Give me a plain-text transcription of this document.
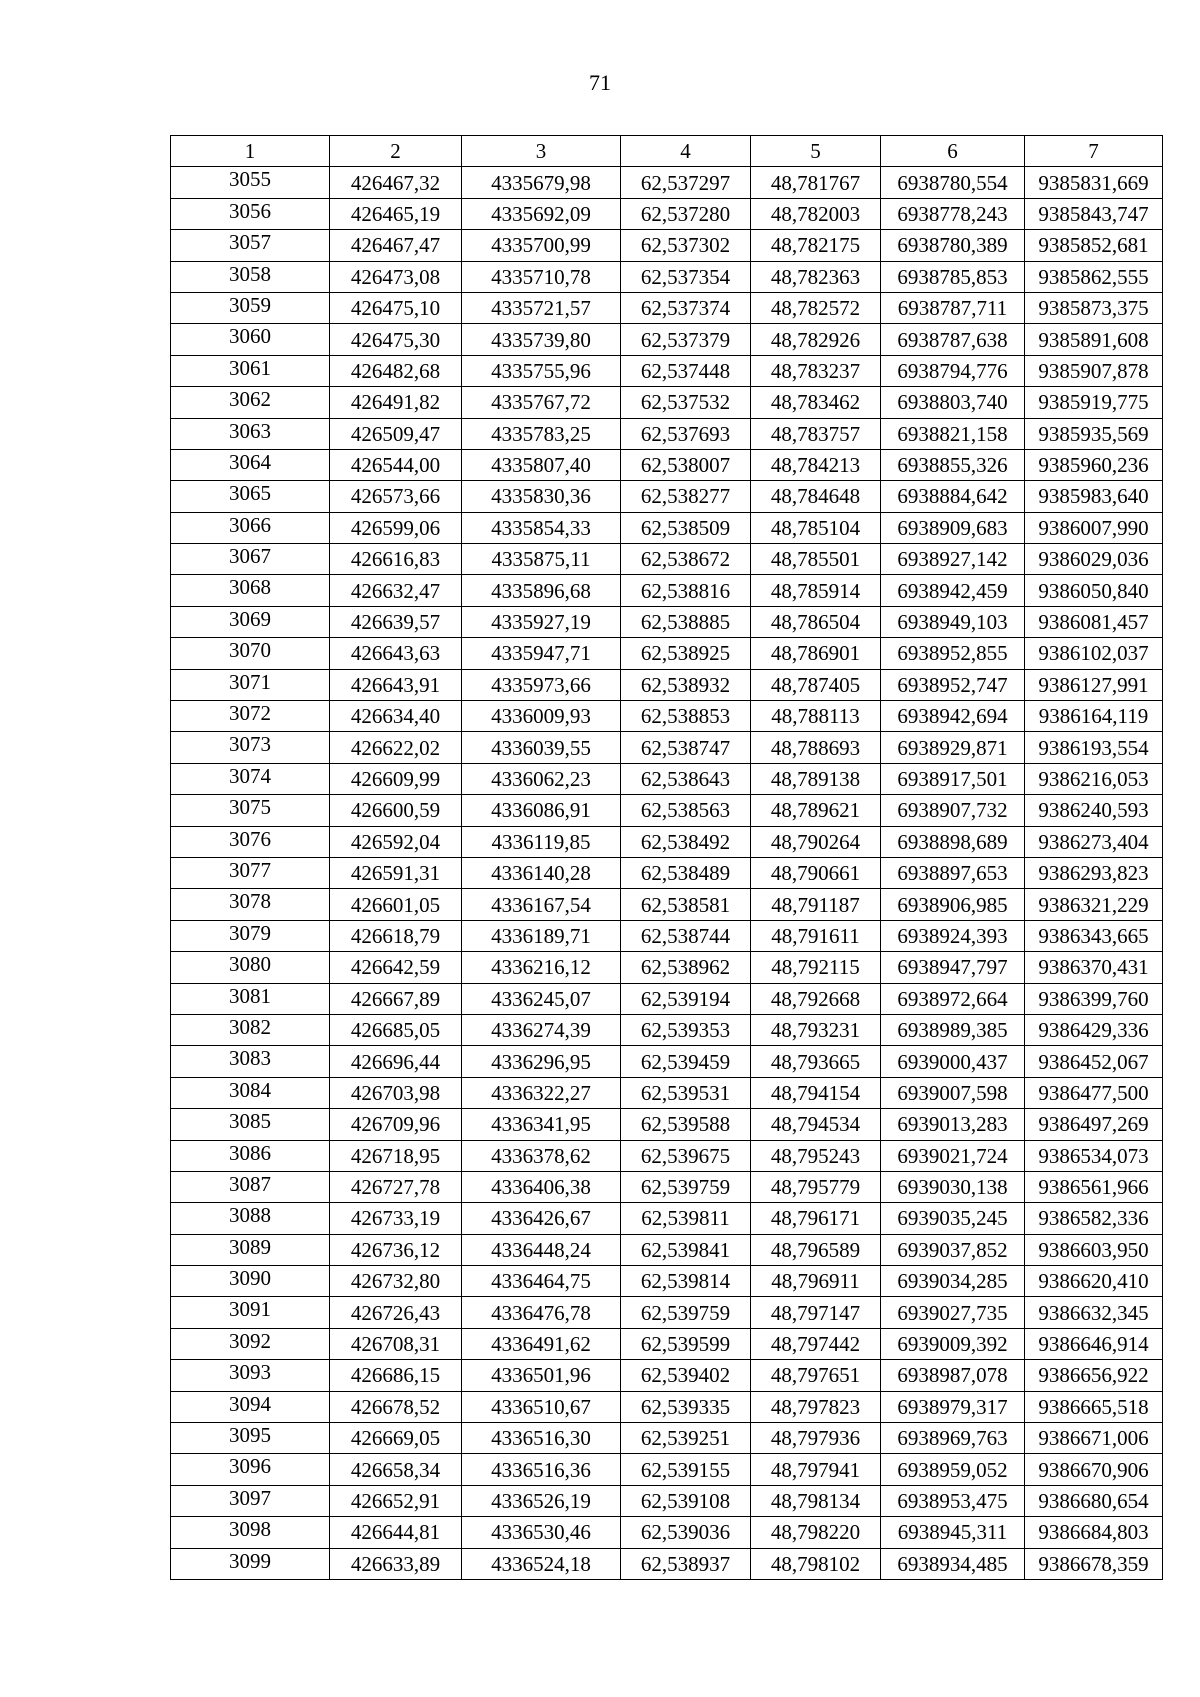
71
1	2	3	4	5	6	7
3055	426467,32	4335679,98	62,537297	48,781767	6938780,554	9385831,669
3056	426465,19	4335692,09	62,537280	48,782003	6938778,243	9385843,747
3057	426467,47	4335700,99	62,537302	48,782175	6938780,389	9385852,681
3058	426473,08	4335710,78	62,537354	48,782363	6938785,853	9385862,555
3059	426475,10	4335721,57	62,537374	48,782572	6938787,711	9385873,375
3060	426475,30	4335739,80	62,537379	48,782926	6938787,638	9385891,608
3061	426482,68	4335755,96	62,537448	48,783237	6938794,776	9385907,878
3062	426491,82	4335767,72	62,537532	48,783462	6938803,740	9385919,775
3063	426509,47	4335783,25	62,537693	48,783757	6938821,158	9385935,569
3064	426544,00	4335807,40	62,538007	48,784213	6938855,326	9385960,236
3065	426573,66	4335830,36	62,538277	48,784648	6938884,642	9385983,640
3066	426599,06	4335854,33	62,538509	48,785104	6938909,683	9386007,990
3067	426616,83	4335875,11	62,538672	48,785501	6938927,142	9386029,036
3068	426632,47	4335896,68	62,538816	48,785914	6938942,459	9386050,840
3069	426639,57	4335927,19	62,538885	48,786504	6938949,103	9386081,457
3070	426643,63	4335947,71	62,538925	48,786901	6938952,855	9386102,037
3071	426643,91	4335973,66	62,538932	48,787405	6938952,747	9386127,991
3072	426634,40	4336009,93	62,538853	48,788113	6938942,694	9386164,119
3073	426622,02	4336039,55	62,538747	48,788693	6938929,871	9386193,554
3074	426609,99	4336062,23	62,538643	48,789138	6938917,501	9386216,053
3075	426600,59	4336086,91	62,538563	48,789621	6938907,732	9386240,593
3076	426592,04	4336119,85	62,538492	48,790264	6938898,689	9386273,404
3077	426591,31	4336140,28	62,538489	48,790661	6938897,653	9386293,823
3078	426601,05	4336167,54	62,538581	48,791187	6938906,985	9386321,229
3079	426618,79	4336189,71	62,538744	48,791611	6938924,393	9386343,665
3080	426642,59	4336216,12	62,538962	48,792115	6938947,797	9386370,431
3081	426667,89	4336245,07	62,539194	48,792668	6938972,664	9386399,760
3082	426685,05	4336274,39	62,539353	48,793231	6938989,385	9386429,336
3083	426696,44	4336296,95	62,539459	48,793665	6939000,437	9386452,067
3084	426703,98	4336322,27	62,539531	48,794154	6939007,598	9386477,500
3085	426709,96	4336341,95	62,539588	48,794534	6939013,283	9386497,269
3086	426718,95	4336378,62	62,539675	48,795243	6939021,724	9386534,073
3087	426727,78	4336406,38	62,539759	48,795779	6939030,138	9386561,966
3088	426733,19	4336426,67	62,539811	48,796171	6939035,245	9386582,336
3089	426736,12	4336448,24	62,539841	48,796589	6939037,852	9386603,950
3090	426732,80	4336464,75	62,539814	48,796911	6939034,285	9386620,410
3091	426726,43	4336476,78	62,539759	48,797147	6939027,735	9386632,345
3092	426708,31	4336491,62	62,539599	48,797442	6939009,392	9386646,914
3093	426686,15	4336501,96	62,539402	48,797651	6938987,078	9386656,922
3094	426678,52	4336510,67	62,539335	48,797823	6938979,317	9386665,518
3095	426669,05	4336516,30	62,539251	48,797936	6938969,763	9386671,006
3096	426658,34	4336516,36	62,539155	48,797941	6938959,052	9386670,906
3097	426652,91	4336526,19	62,539108	48,798134	6938953,475	9386680,654
3098	426644,81	4336530,46	62,539036	48,798220	6938945,311	9386684,803
3099	426633,89	4336524,18	62,538937	48,798102	6938934,485	9386678,359
